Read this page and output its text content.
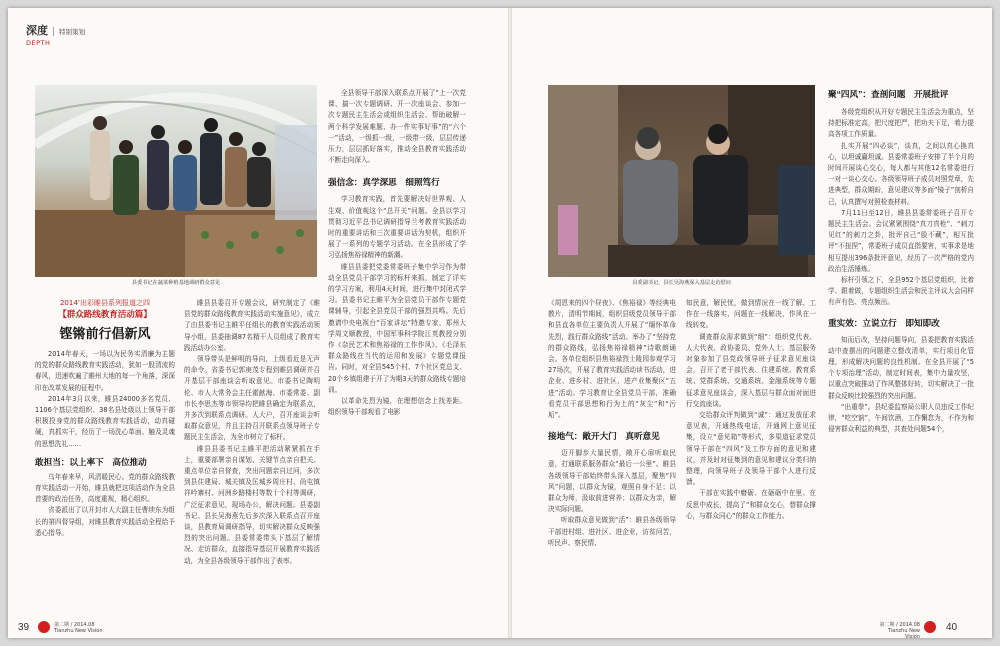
深度 | 特别策划
DEPTH
县委书记在蔬菜种植基地调研群众意见
2014’出彩睢县系列报道之四
【群众路线教育活动篇】
铿锵前行倡新风
2014年春天，一场以为民务实清廉为主题的党的群众路线教育实践活动，犹如一股清流的春风，迅速吹遍了睢州大地的每一个角落，深深印在改革发展的征程中。
2014年3月以来，睢县24000多名党员、1106个基层党组织、38名县处级以上领导干部积极投身党的群众路线教育实践活动，动真碰硬，真抓实干，经历了一场洗心革面、触及灵魂的思想洗礼……
敢担当：以上率下　高位推动
乌年春来早，风清暖民心。党的群众路线教育实践活动一开始，睢县就把这项活动作为全县首要的政治任务，高度重视，精心组织。
省委派出了以开封市人大副主任曹续东为组长的第四督导组，对睢县教育实践活动全程给予悉心指导。
睢县县委召开专题会议，研究制定了《睢县党的群众路线教育实践活动实施意见》，成立了由县委书记主睢平任组长的教育实践活动领导小组，县委抽调87名精干人员组成了教育实践活动办公室。
领导带头是鲜明的导向，上级看近是无声的命令。省委书记郭庚茂专程到睢县调研并召开基层干部座谈会听取意见。市委书记陶明伦、市人大常务会主任霍献海、市委常委、副市长李思杰等市领导均把睢县确定为联系点，并多次到联系点调研。人大户，召开座谈会听取群众意见，并且主持召开联系点领导班子专题民主生活会，为全市树立了标杆。
睢县县委书记主睢平把活动紧紧抓在手上，重要部署亲自谋划、关键节点亲自把关、重点单位亲自督查，突出问题亲自过问，多次到县住建局、城关镇及匡城乡周庄村、尚屯镇祥吟寨村、河洲乡路楼村等数十个村等调研，广泛征求意见，现场办公，解决问题。县委副书记、县长吴海燕先后多次深入联系点召开座谈，县教育局调研指导，切实解决群众反映强烈的突出问题。县委常委带头下基层了解情况、走访群众，直接指导基层开展教育实践活动，为全县各级领导干部作出了表率。
全县领导干部深入联系点开展了“上一次党课、搞一次专题调研、开一次座谈会、参加一次专题民主生活会或组织生活会、帮助破解一两个科学发展难题、办一件实事好事”的“六个一”活动，一级抓一级，一级带一级，层层传递压力，层层抓好落实，推动全县教育实践活动不断走向深入。
强信念：真学深思　细照笃行
学习教育实践，首先要解决好世界观、人生观、价值观这个“总开关”问题。全县以学习贯彻习近平总书记调研指导兰考教育实践活动时的重要讲话和三次重要讲话为契机，组织开展了一系列的专题学习活动。在全县形成了学习弘扬焦裕禄精神的新潮。
睢县县委把党委常委班子集中学习作为带动全县党员干部学习的标杆来抓，制定了详实的学习方案，利用4天时间，进行集中封闭式学习。县委书记主睢平为全县党员干部作专题党课辅导，引起全县党员干部的强烈共鸣。先后邀请中央电视台“百家讲坛”特邀专家、郑州大学周文顺教授，中国军事科学院江英教授分别作《杂民艺术和焦裕禄的工作作风》、《毛泽东群众路线在当代的运用和发展》专题党课报告。同时，对全县545个村、7个社区党总支、20个乡镇组建于开了为期3天的群众路线专题培训。
以革命先烈为镜，在理想信念上找差距。组织领导干部观看了电影
39	第二期 / 2014.08
Tianzhu New Vision
县委副书记、县长吴海燕深入基层走访慰问
《周恩来的四个昼夜》、《焦裕禄》等经典电教片，清明节期间，组织县级党员领导干部和县直各单位主要负责人开展了“缅怀革命先烈，践行群众路线”活动。举办了“坚持党的群众路线，弘扬焦裕禄精神”诗歌朗诵会。各单位组织县焦裕禄烈士陵园参观学习27场次，开展了教育实践活动读书活动，进企业、进乡村、进社区、进产业集聚区“五进”活动。学习教育让全县党员干部，准确看党员干部思想和行为上的“灰尘”和“污垢”。
接地气：敞开大门　真听意见
迈开脚步大量民情，敞开心扉听取民意，打通联系服务群众“最后一公里”。睢县各级领导干部始终带头深入基层，聚焦“四风”问题，以群众为镜，观照自身不足；以群众为师，汲取前进营养；以群众为亲，解决实际问题。
听取群众意见做到“活”：睢县各级领导干部进村组、进社区、进企业，访贫问苦，听民声、察民情、
知民意，解民忧，做到情况在一线了解、工作在一线落实、问题在一线解决，作风在一线转变。
调查群众需求做到“细”：组织党代表、人大代表、政协委员、党外人士、基层服务对象参加了县党政领导班子征求意见座谈会，召开了老干部代表、住建系统、教育系统、党群系统、交通系统、金融系统等专题征求意见座谈会，深入基层与群众面对面进行交流座谈。
交给群众评判做到“诚”：通过发放征求意见表，开通热线电话，开通网上意见征集，设立“意见箱”等形式，多渠道征求党员领导干部在“四风”及工作方面的意见和建议，并及时对征集到的意见和建议分类归纳整理，向领导班子及领导干部个人进行反馈。
干部在实践中磨砺、在砺砺中在里、在反思中成长，提高了“和群众交心，替群众撑心，与群众同心”的群众工作能力。
聚“四风”：查剖问题　开展批评
各级党组织从开好专题民主生活会为重点，坚持把标准定高，把尺度把严，把功夫下足，着力提高各项工作质量。
扎实开展“四必谈”，谈真，之间以真心换真心，以坦诚赢坦诚。县委常委班子安排了半个月的时间开展谈心交心，每人都与其他12名常委进行一对一谈心交心。各级领导班子成员对照党章，先进典型，群众期盼，意见建议等多面“镜子”剖析自己，认真撰写对照检查材料。
7月11日至12日，睢县县委常委班子召开专题民主生活会。会议紧紧围绕“真刀真枪”、“刺刀见红”的刺刀之卦，批评自己“脸不藏”，相互批评“不扭捏”，常委班子成员直指要害，实事求是地相互提出396条批评意见，经历了一次严格的党内政治生活锤炼。
标杆引领之下，全县952个基层党组织，比着学、跟着做，专题组织生活会和民主评议大会同样有声有色、亮点频出。
重实效：立说立行　即知即改
知而后改，坚持问题导向，县委把教育实践活动中查摆出的问题建立整改清单，实行项目化管理，形成解决问题的良性机制。在全县开展了“5个专项治理”活动，制定时间表，集中力量攻坚，以重点突破推动了作风整体好转，切实解决了一批群众反映比较强烈的突出问题。
“出重拳”。县纪委监察局公职人员违反工作纪律，“吃空饷”，午间饮酒，工作懈怠为，不作为和侵害群众利益的典型，共查处问题54个，
第二期 / 2014.08
Tianzhu New Vision
40
